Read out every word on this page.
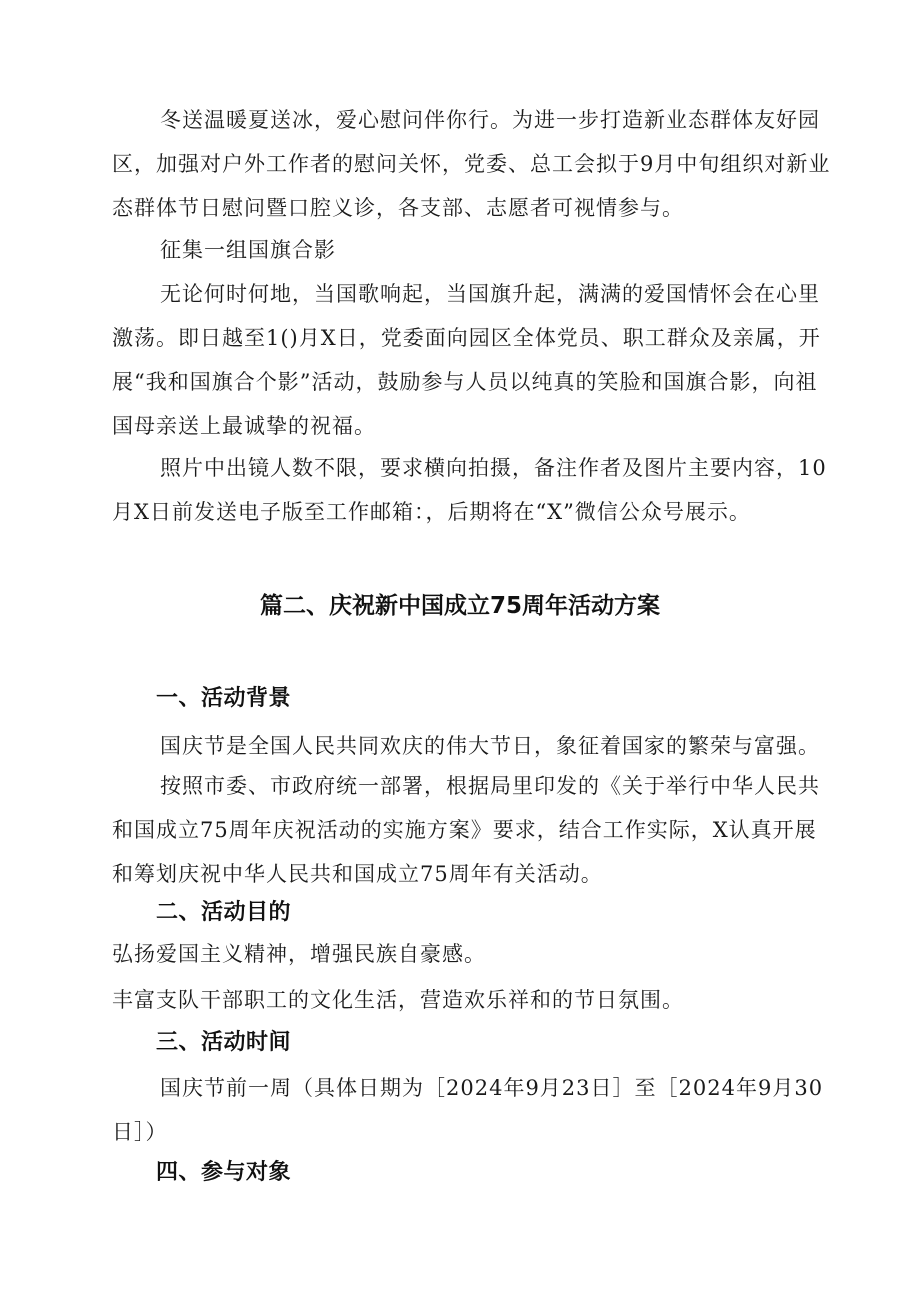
冬送温暖夏送冰，爱心慰问伴你行。为进一步打造新业态群体友好园区，加强对户外工作者的慰问关怀，党委、总工会拟于9月中旬组织对新业态群体节日慰问暨口腔义诊，各支部、志愿者可视情参与。

征集一组国旗合影

无论何时何地，当国歌响起，当国旗升起，满满的爱国情怀会在心里激荡。即日越至1()月X日，党委面向园区全体党员、职工群众及亲属，开展“我和国旗合个影”活动，鼓励参与人员以纯真的笑脸和国旗合影，向祖国母亲送上最诚挚的祝福。

照片中出镜人数不限，要求横向拍摄，备注作者及图片主要内容，10月X日前发送电子版至工作邮箱：，后期将在“X”微信公众号展示。

篇二、庆祝新中国成立75周年活动方案
一、活动背景

国庆节是全国人民共同欢庆的伟大节日，象征着国家的繁荣与富强。

按照市委、市政府统一部署，根据局里印发的《关于举行中华人民共和国成立75周年庆祝活动的实施方案》要求，结合工作实际，X认真开展和筹划庆祝中华人民共和国成立75周年有关活动。

二、活动目的

弘扬爱国主义精神，增强民族自豪感。

丰富支队干部职工的文化生活，营造欢乐祥和的节日氛围。

三、活动时间

国庆节前一周（具体日期为［2024年9月23日］至［2024年9月30日］）

四、参与对象
